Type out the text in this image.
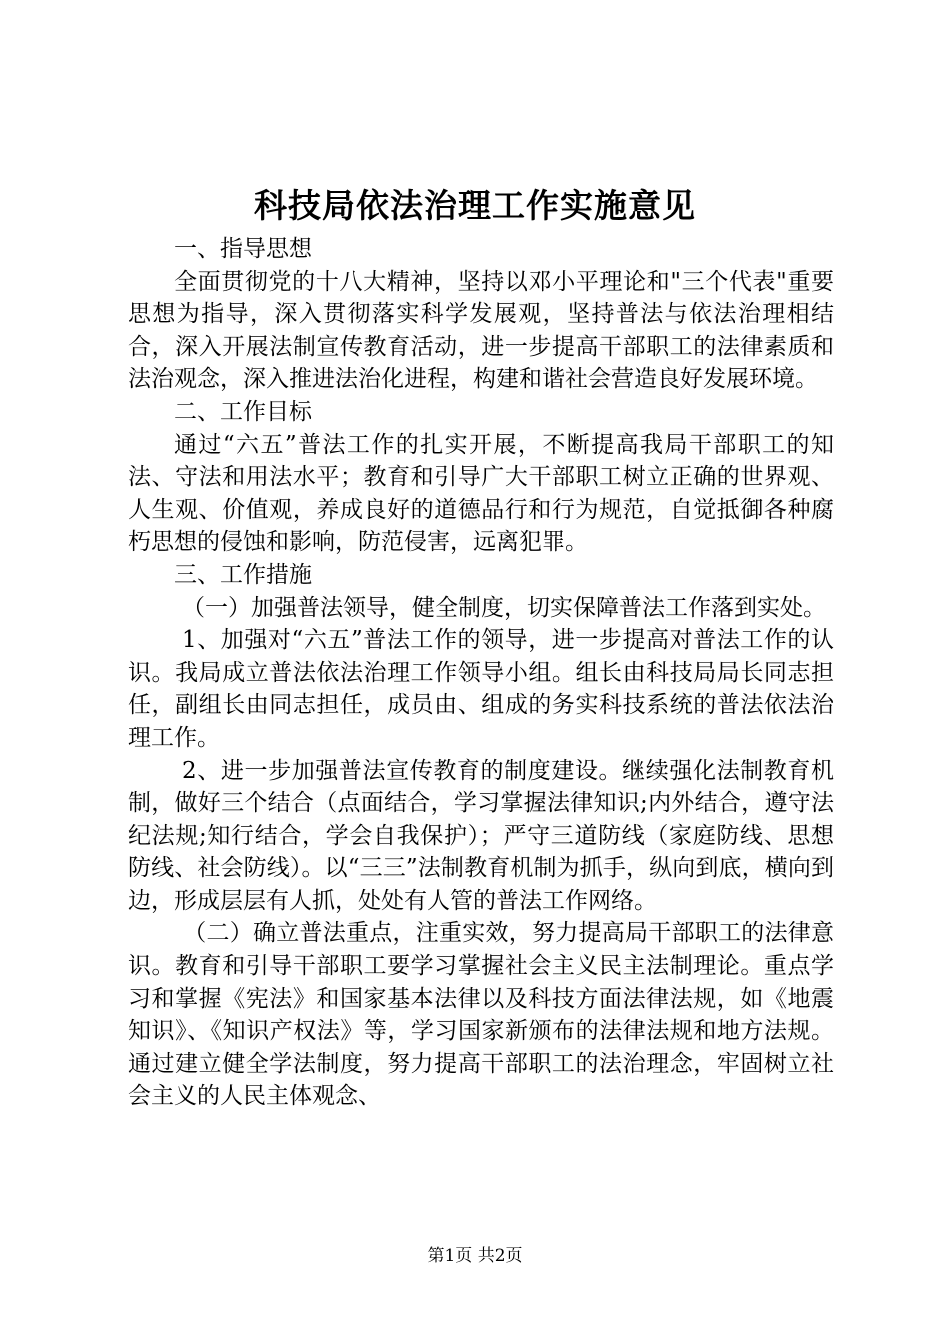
科技局依法治理工作实施意见

一、指导思想

全面贯彻党的十八大精神，坚持以邓小平理论和"三个代表"重要思想为指导，深入贯彻落实科学发展观，坚持普法与依法治理相结合，深入开展法制宣传教育活动，进一步提高干部职工的法律素质和法治观念，深入推进法治化进程，构建和谐社会营造良好发展环境。

二、工作目标

通过“六五”普法工作的扎实开展，不断提高我局干部职工的知法、守法和用法水平；教育和引导广大干部职工树立正确的世界观、人生观、价值观，养成良好的道德品行和行为规范，自觉抵御各种腐朽思想的侵蚀和影响，防范侵害，远离犯罪。

三、工作措施

（一）加强普法领导，健全制度，切实保障普法工作落到实处。

1、加强对“六五”普法工作的领导，进一步提高对普法工作的认识。我局成立普法依法治理工作领导小组。组长由科技局局长同志担任，副组长由同志担任，成员由、组成的务实科技系统的普法依法治理工作。

2、进一步加强普法宣传教育的制度建设。继续强化法制教育机制，做好三个结合（点面结合，学习掌握法律知识;内外结合，遵守法纪法规;知行结合，学会自我保护）；严守三道防线（家庭防线、思想防线、社会防线）。以“三三”法制教育机制为抓手，纵向到底，横向到边，形成层层有人抓，处处有人管的普法工作网络。

（二）确立普法重点，注重实效，努力提高局干部职工的法律意识。教育和引导干部职工要学习掌握社会主义民主法制理论。重点学习和掌握《宪法》和国家基本法律以及科技方面法律法规，如《地震知识》、《知识产权法》等，学习国家新颁布的法律法规和地方法规。通过建立健全学法制度，努力提高干部职工的法治理念，牢固树立社会主义的人民主体观念、

第1页 共2页
